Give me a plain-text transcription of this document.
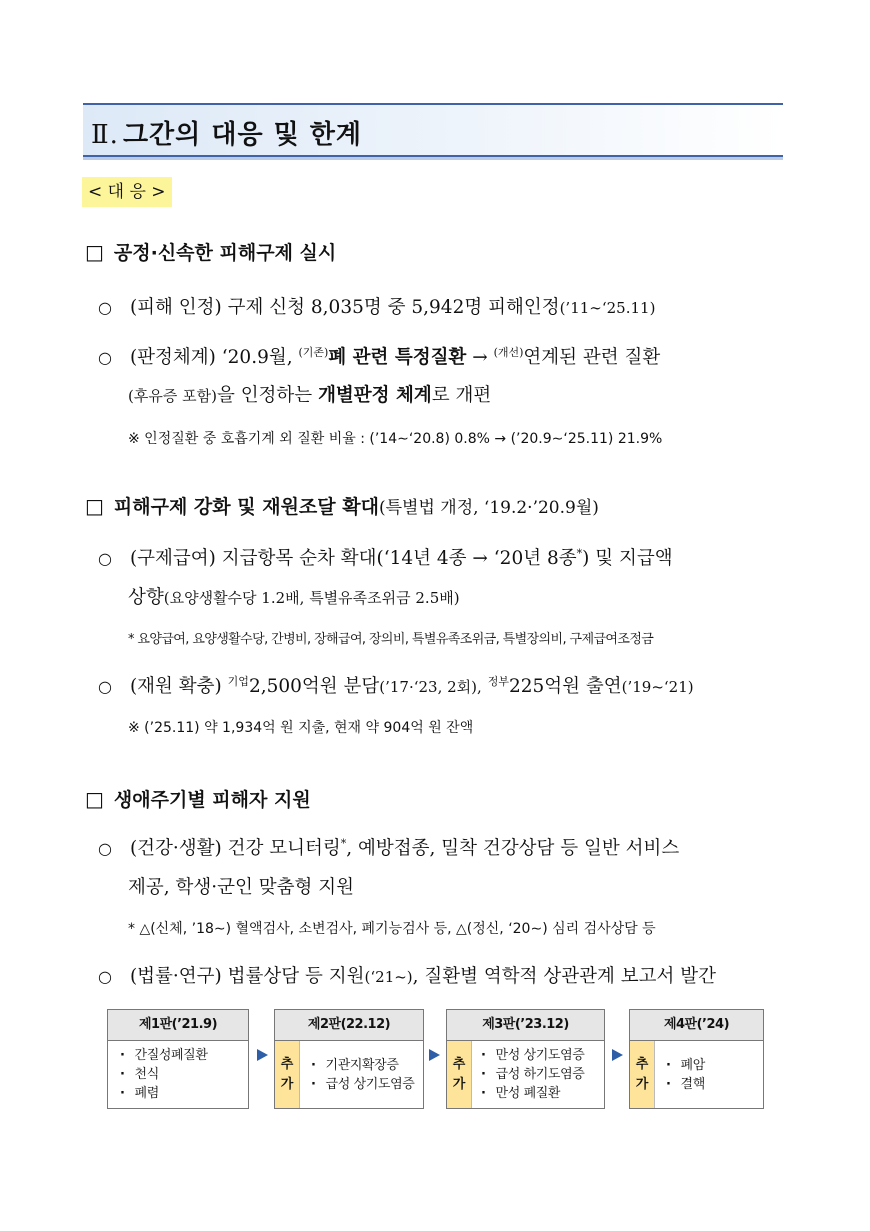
Ⅱ. 그간의 대응 및 한계
< 대 응 >
□ 공정·신속한 피해구제 실시
○ (피해 인정) 구제 신청 8,035명 중 5,942명 피해인정(’11∼‘25.11)
○ (판정체계) ‘20.9월, $^{(기존)}$폐 관련 특정질환 → $^{(개선)}$연계된 관련 질환
(후유증 포함)을 인정하는 개별판정 체계로 개편
※ 인정질환 중 호흡기계 외 질환 비율 : (’14∼‘20.8) 0.8% → (’20.9∼‘25.11) 21.9%
□ 피해구제 강화 및 재원조달 확대(특별법 개정, ‘19.2·’20.9월)
○ (구제급여) 지급항목 순차 확대(‘14년 4종 → ‘20년 8종*) 및 지급액
상향(요양생활수당 1.2배, 특별유족조위금 2.5배)
* 요양급여, 요양생활수당, 간병비, 장해급여, 장의비, 특별유족조위금, 특별장의비, 구제급여조정금
○ (재원 확충) $^{기업}$2,500억원 분담(’17·‘23, 2회), $^{정부}$225억원 출연(’19~‘21)
※ (’25.11) 약 1,934억 원 지출, 현재 약 904억 원 잔액
□ 생애주기별 피해자 지원
○ (건강·생활) 건강 모니터링*, 예방접종, 밀착 건강상담 등 일반 서비스
제공, 학생·군인 맞춤형 지원
* △(신체, ’18∼) 혈액검사, 소변검사, 폐기능검사 등, △(정신, ‘20∼) 심리 검사상담 등
○ (법률·연구) 법률상담 등 지원(‘21~), 질환별 역학적 상관관계 보고서 발간
제1판(’21.9)
· 간질성폐질환
· 천식
· 폐렴
제2판(22.12)
추
가
· 기관지확장증
· 급성 상기도염증
제3판(’23.12)
추
가
· 만성 상기도염증
· 급성 하기도염증
· 만성 폐질환
제4판(’24)
추
가
· 폐암
· 결핵
